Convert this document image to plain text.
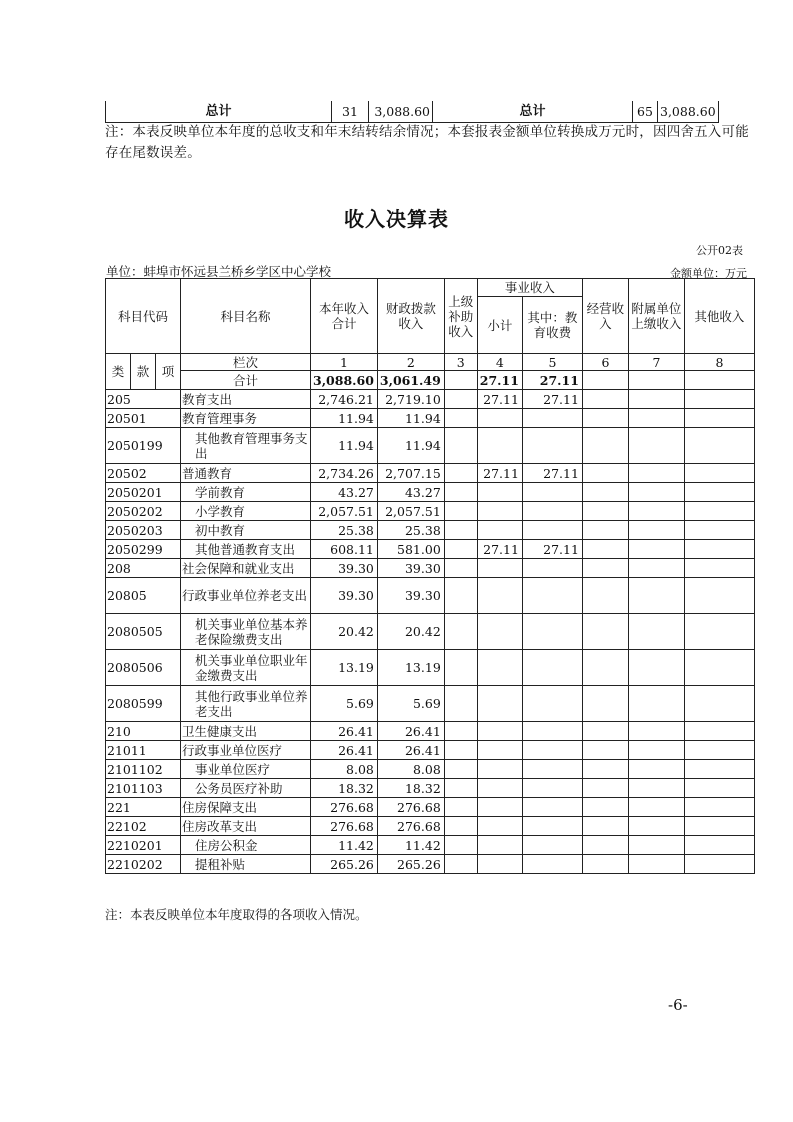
总计	31	3,088.60	总计	65	3,088.60
注：本表反映单位本年度的总收支和年末结转结余情况；本套报表金额单位转换成万元时，因四舍五入可能存在尾数误差。
收入决算表
公开02表
单位：蚌埠市怀远县兰桥乡学区中心学校	金额单位：万元
科目代码			科目名称	本年收入合计	财政拨款收入	上级补助收入	事业收入		经营收入	附属单位上缴收入	其他收入
							小计	其中：教育收费			

类	款	项	栏次	1	2	3	4	5	6	7	8
			合计	3,088.60	3,061.49		27.11	27.11			
205			教育支出	2,746.21	2,719.10		27.11	27.11			
20501			教育管理事务	11.94	11.94						
2050199			其他教育管理事务支出	11.94	11.94						
20502			普通教育	2,734.26	2,707.15		27.11	27.11			
2050201			学前教育	43.27	43.27						
2050202			小学教育	2,057.51	2,057.51						
2050203			初中教育	25.38	25.38						
2050299			其他普通教育支出	608.11	581.00		27.11	27.11			
208			社会保障和就业支出	39.30	39.30						
20805			行政事业单位养老支出	39.30	39.30						
2080505			机关事业单位基本养老保险缴费支出	20.42	20.42						
2080506			机关事业单位职业年金缴费支出	13.19	13.19						
2080599			其他行政事业单位养老支出	5.69	5.69						
210			卫生健康支出	26.41	26.41						
21011			行政事业单位医疗	26.41	26.41						
2101102			事业单位医疗	8.08	8.08						
2101103			公务员医疗补助	18.32	18.32						
221			住房保障支出	276.68	276.68						
22102			住房改革支出	276.68	276.68						
2210201			住房公积金	11.42	11.42						
2210202			提租补贴	265.26	265.26						
注：本表反映单位本年度取得的各项收入情况。
-6-
